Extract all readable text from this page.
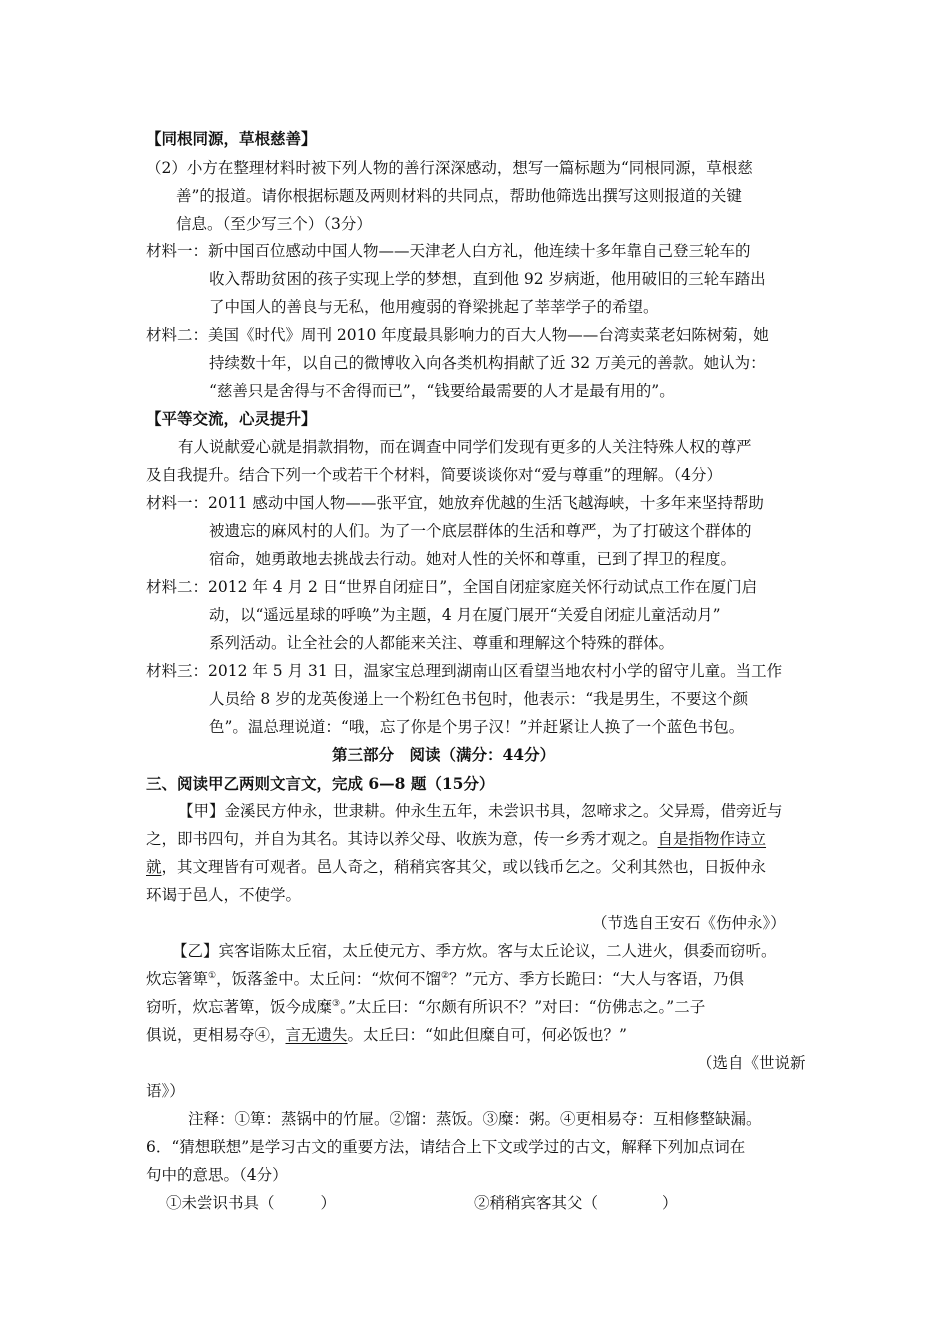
【同根同源，草根慈善】

（2）小方在整理材料时被下列人物的善行深深感动，想写一篇标题为“同根同源，草根慈

善”的报道。请你根据标题及两则材料的共同点，帮助他筛选出撰写这则报道的关键

信息。（至少写三个）（3分）

材料一：新中国百位感动中国人物——天津老人白方礼，他连续十多年靠自己登三轮车的

收入帮助贫困的孩子实现上学的梦想，直到他 92 岁病逝，他用破旧的三轮车踏出

了中国人的善良与无私，他用瘦弱的脊梁挑起了莘莘学子的希望。

材料二：美国《时代》周刊 2010 年度最具影响力的百大人物——台湾卖菜老妇陈树菊，她

持续数十年，以自己的微博收入向各类机构捐献了近 32 万美元的善款。她认为：

“慈善只是舍得与不舍得而已”，“钱要给最需要的人才是最有用的”。

【平等交流，心灵提升】

有人说献爱心就是捐款捐物，而在调查中同学们发现有更多的人关注特殊人权的尊严

及自我提升。结合下列一个或若干个材料，简要谈谈你对“爱与尊重”的理解。（4分）

材料一：2011 感动中国人物——张平宜，她放弃优越的生活飞越海峡，十多年来坚持帮助

被遗忘的麻风村的人们。为了一个底层群体的生活和尊严，为了打破这个群体的

宿命，她勇敢地去挑战去行动。她对人性的关怀和尊重，已到了捍卫的程度。

材料二：2012 年 4 月 2 日“世界自闭症日”，全国自闭症家庭关怀行动试点工作在厦门启

动，以“遥远星球的呼唤”为主题，4 月在厦门展开“关爱自闭症儿童活动月”

系列活动。让全社会的人都能来关注、尊重和理解这个特殊的群体。

材料三：2012 年 5 月 31 日，温家宝总理到湖南山区看望当地农村小学的留守儿童。当工作

人员给 8 岁的龙英俊递上一个粉红色书包时，他表示：“我是男生，不要这个颜

色”。温总理说道：“哦，忘了你是个男子汉！”并赶紧让人换了一个蓝色书包。

第三部分　阅读（满分：44分）

三、阅读甲乙两则文言文，完成 6—8 题（15分）

【甲】金溪民方仲永，世隶耕。仲永生五年，未尝识书具，忽啼求之。父异焉，借旁近与

之，即书四句，并自为其名。其诗以养父母、收族为意，传一乡秀才观之。自是指物作诗立

就，其文理皆有可观者。邑人奇之，稍稍宾客其父，或以钱币乞之。父利其然也，日扳仲永

环谒于邑人，不使学。

（节选自王安石《伤仲永》）

【乙】宾客诣陈太丘宿，太丘使元方、季方炊。客与太丘论议，二人进火，俱委而窃听。

炊忘箸箄①，饭落釜中。太丘问：“炊何不馏②？”元方、季方长跪曰：“大人与客语，乃俱

窃听，炊忘著箄，饭今成糜③。”太丘曰：“尔颇有所识不？”对曰：“仿佛志之。”二子

俱说，更相易夺④，言无遗失。太丘曰：“如此但糜自可，何必饭也？”

（选自《世说新

语》）

注释：①箄：蒸锅中的竹屉。②馏：蒸饭。③糜：粥。④更相易夺：互相修整缺漏。

6．“猜想联想”是学习古文的重要方法，请结合上下文或学过的古文，解释下列加点词在

句中的意思。（4分）

①未尝识书具（	）	②稍稍宾客其父（	）
